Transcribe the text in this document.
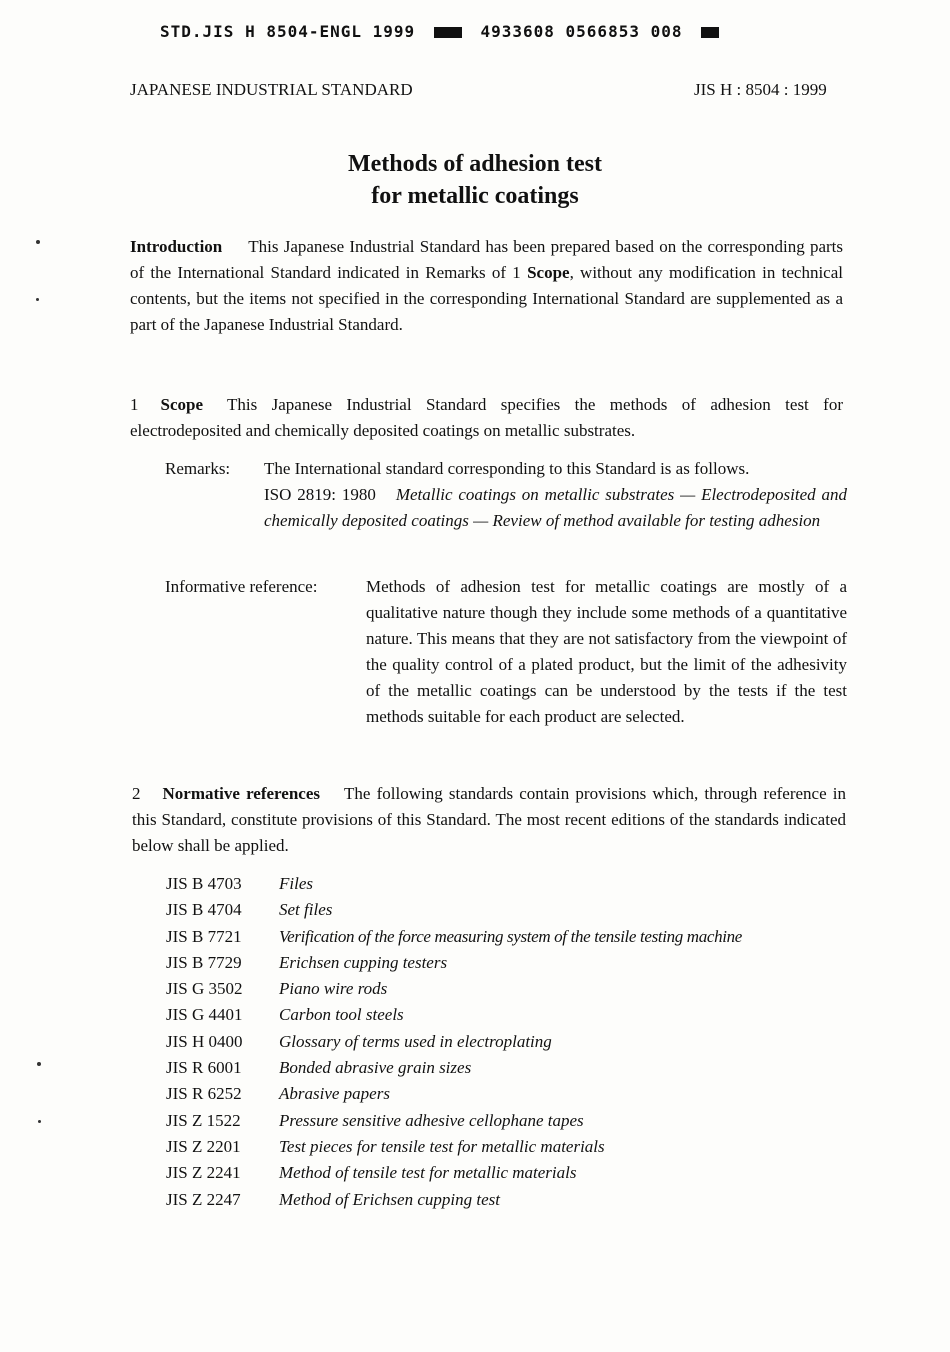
STD.JIS H 8504-ENGL 1999	4933608 0566853 008
JAPANESE INDUSTRIAL STANDARD	JIS H : 8504 : 1999
Methods of adhesion test
for metallic coatings
Introduction This Japanese Industrial Standard has been prepared based on the corresponding parts of the International Standard indicated in Remarks of 1 Scope, without any modification in technical contents, but the items not specified in the corresponding International Standard are supplemented as a part of the Japanese Industrial Standard.
1 Scope This Japanese Industrial Standard specifies the methods of adhesion test for electrodeposited and chemically deposited coatings on metallic substrates.
Remarks: The International standard corresponding to this Standard is as follows.
ISO 2819: 1980 Metallic coatings on metallic substrates — Electrodeposited and chemically deposited coatings — Review of method available for testing adhesion
Informative reference:	Methods of adhesion test for metallic coatings are mostly of a qualitative nature though they include some methods of a quantitative nature. This means that they are not satisfactory from the viewpoint of the quality control of a plated product, but the limit of the adhesivity of the metallic coatings can be understood by the tests if the test methods suitable for each product are selected.
2 Normative references The following standards contain provisions which, through reference in this Standard, constitute provisions of this Standard. The most recent editions of the standards indicated below shall be applied.
JIS B 4703 Files
JIS B 4704 Set files
JIS B 7721 Verification of the force measuring system of the tensile testing machine
JIS B 7729 Erichsen cupping testers
JIS G 3502 Piano wire rods
JIS G 4401 Carbon tool steels
JIS H 0400 Glossary of terms used in electroplating
JIS R 6001 Bonded abrasive grain sizes
JIS R 6252 Abrasive papers
JIS Z 1522 Pressure sensitive adhesive cellophane tapes
JIS Z 2201 Test pieces for tensile test for metallic materials
JIS Z 2241 Method of tensile test for metallic materials
JIS Z 2247 Method of Erichsen cupping test
